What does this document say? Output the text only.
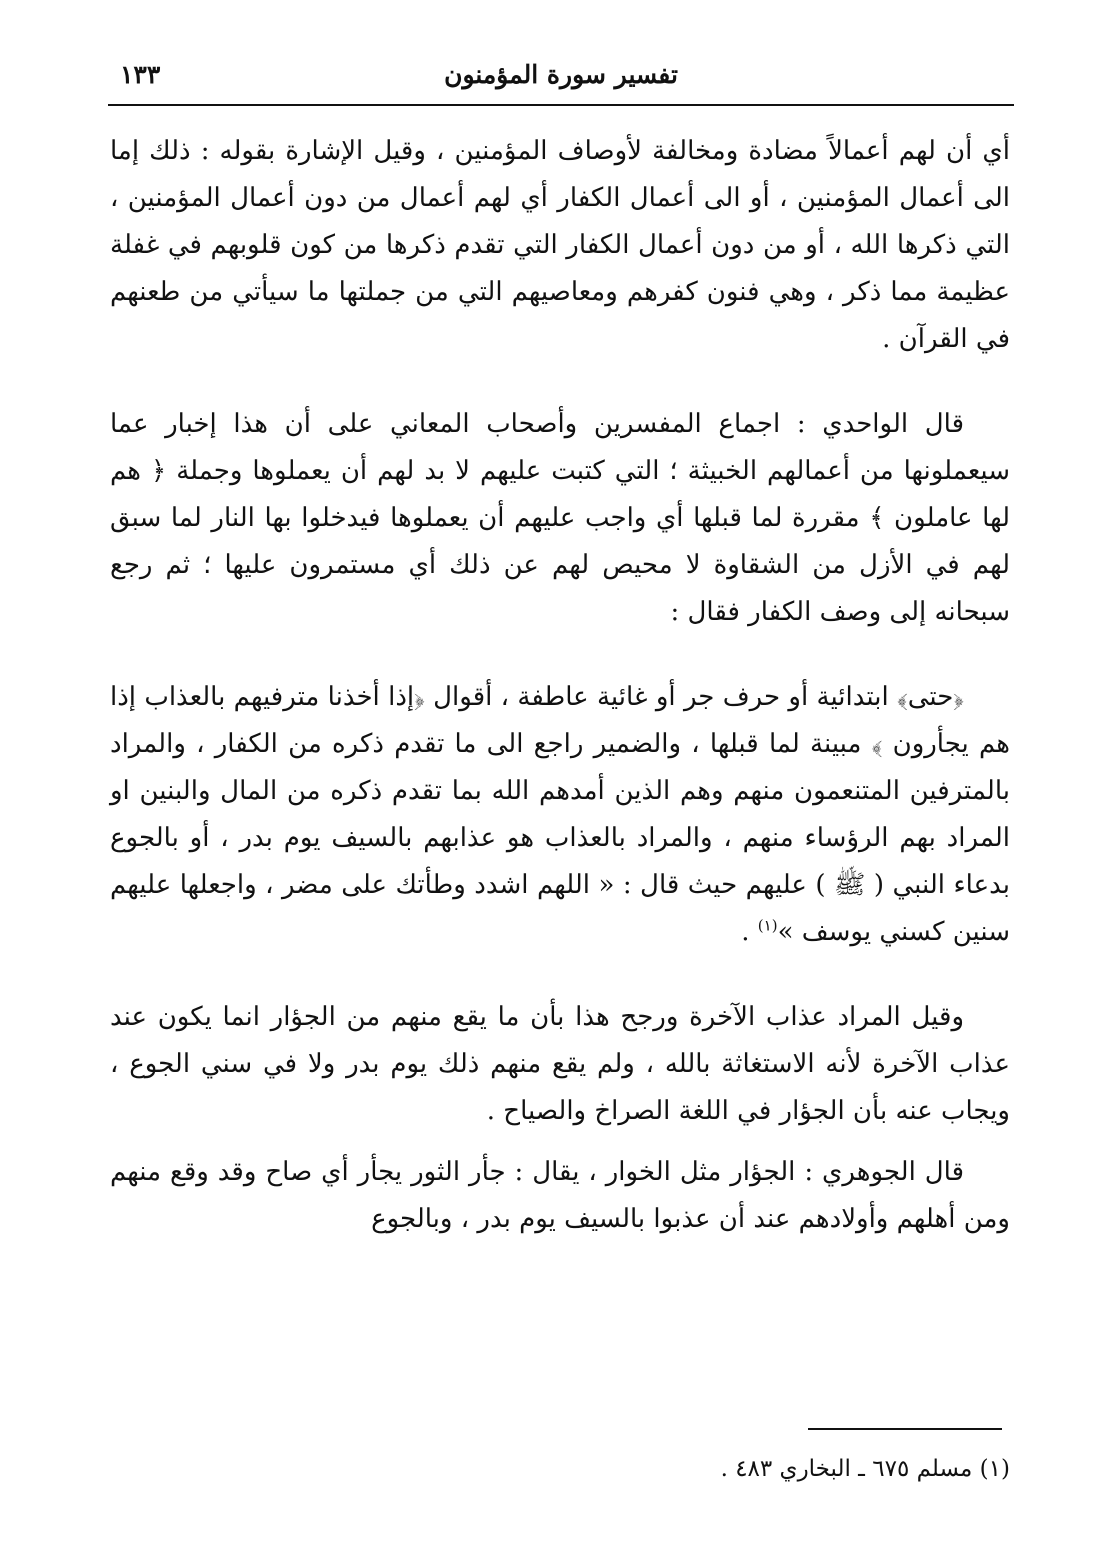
تفسير سورة المؤمنون
١٣٣

أي أن لهم أعمالاً مضادة ومخالفة لأوصاف المؤمنين ، وقيل الإشارة بقوله : ذلك إما الى أعمال المؤمنين ، أو الى أعمال الكفار أي لهم أعمال من دون أعمال المؤمنين ، التي ذكرها الله ، أو من دون أعمال الكفار التي تقدم ذكرها من كون قلوبهم في غفلة عظيمة مما ذكر ، وهي فنون كفرهم ومعاصيهم التي من جملتها ما سيأتي من طعنهم في القرآن .

قال الواحدي : اجماع المفسرين وأصحاب المعاني على أن هذا إخبار عما سيعملونها من أعمالهم الخبيثة ؛ التي كتبت عليهم لا بد لهم أن يعملوها وجملة ﴿ هم لها عاملون ﴾ مقررة لما قبلها أي واجب عليهم أن يعملوها فيدخلوا بها النار لما سبق لهم في الأزل من الشقاوة لا محيص لهم عن ذلك أي مستمرون عليها ؛ ثم رجع سبحانه إلى وصف الكفار فقال :

﴿حتى﴾ ابتدائية أو حرف جر أو غائية عاطفة ، أقوال ﴿إذا أخذنا مترفيهم بالعذاب إذا هم يجأرون ﴾ مبينة لما قبلها ، والضمير راجع الى ما تقدم ذكره من الكفار ، والمراد بالمترفين المتنعمون منهم وهم الذين أمدهم الله بما تقدم ذكره من المال والبنين او المراد بهم الرؤساء منهم ، والمراد بالعذاب هو عذابهم بالسيف يوم بدر ، أو بالجوع بدعاء النبي ( ﷺ ) عليهم حيث قال : « اللهم اشدد وطأتك على مضر ، واجعلها عليهم سنين كسني يوسف »$^{(١)}$ .

وقيل المراد عذاب الآخرة ورجح هذا بأن ما يقع منهم من الجؤار انما يكون عند عذاب الآخرة لأنه الاستغاثة بالله ، ولم يقع منهم ذلك يوم بدر ولا في سني الجوع ، ويجاب عنه بأن الجؤار في اللغة الصراخ والصياح .

قال الجوهري : الجؤار مثل الخوار ، يقال : جأر الثور يجأر أي صاح وقد وقع منهم ومن أهلهم وأولادهم عند أن عذبوا بالسيف يوم بدر ، وبالجوع

(١) مسلم ٦٧٥ ـ البخاري ٤٨٣ .
